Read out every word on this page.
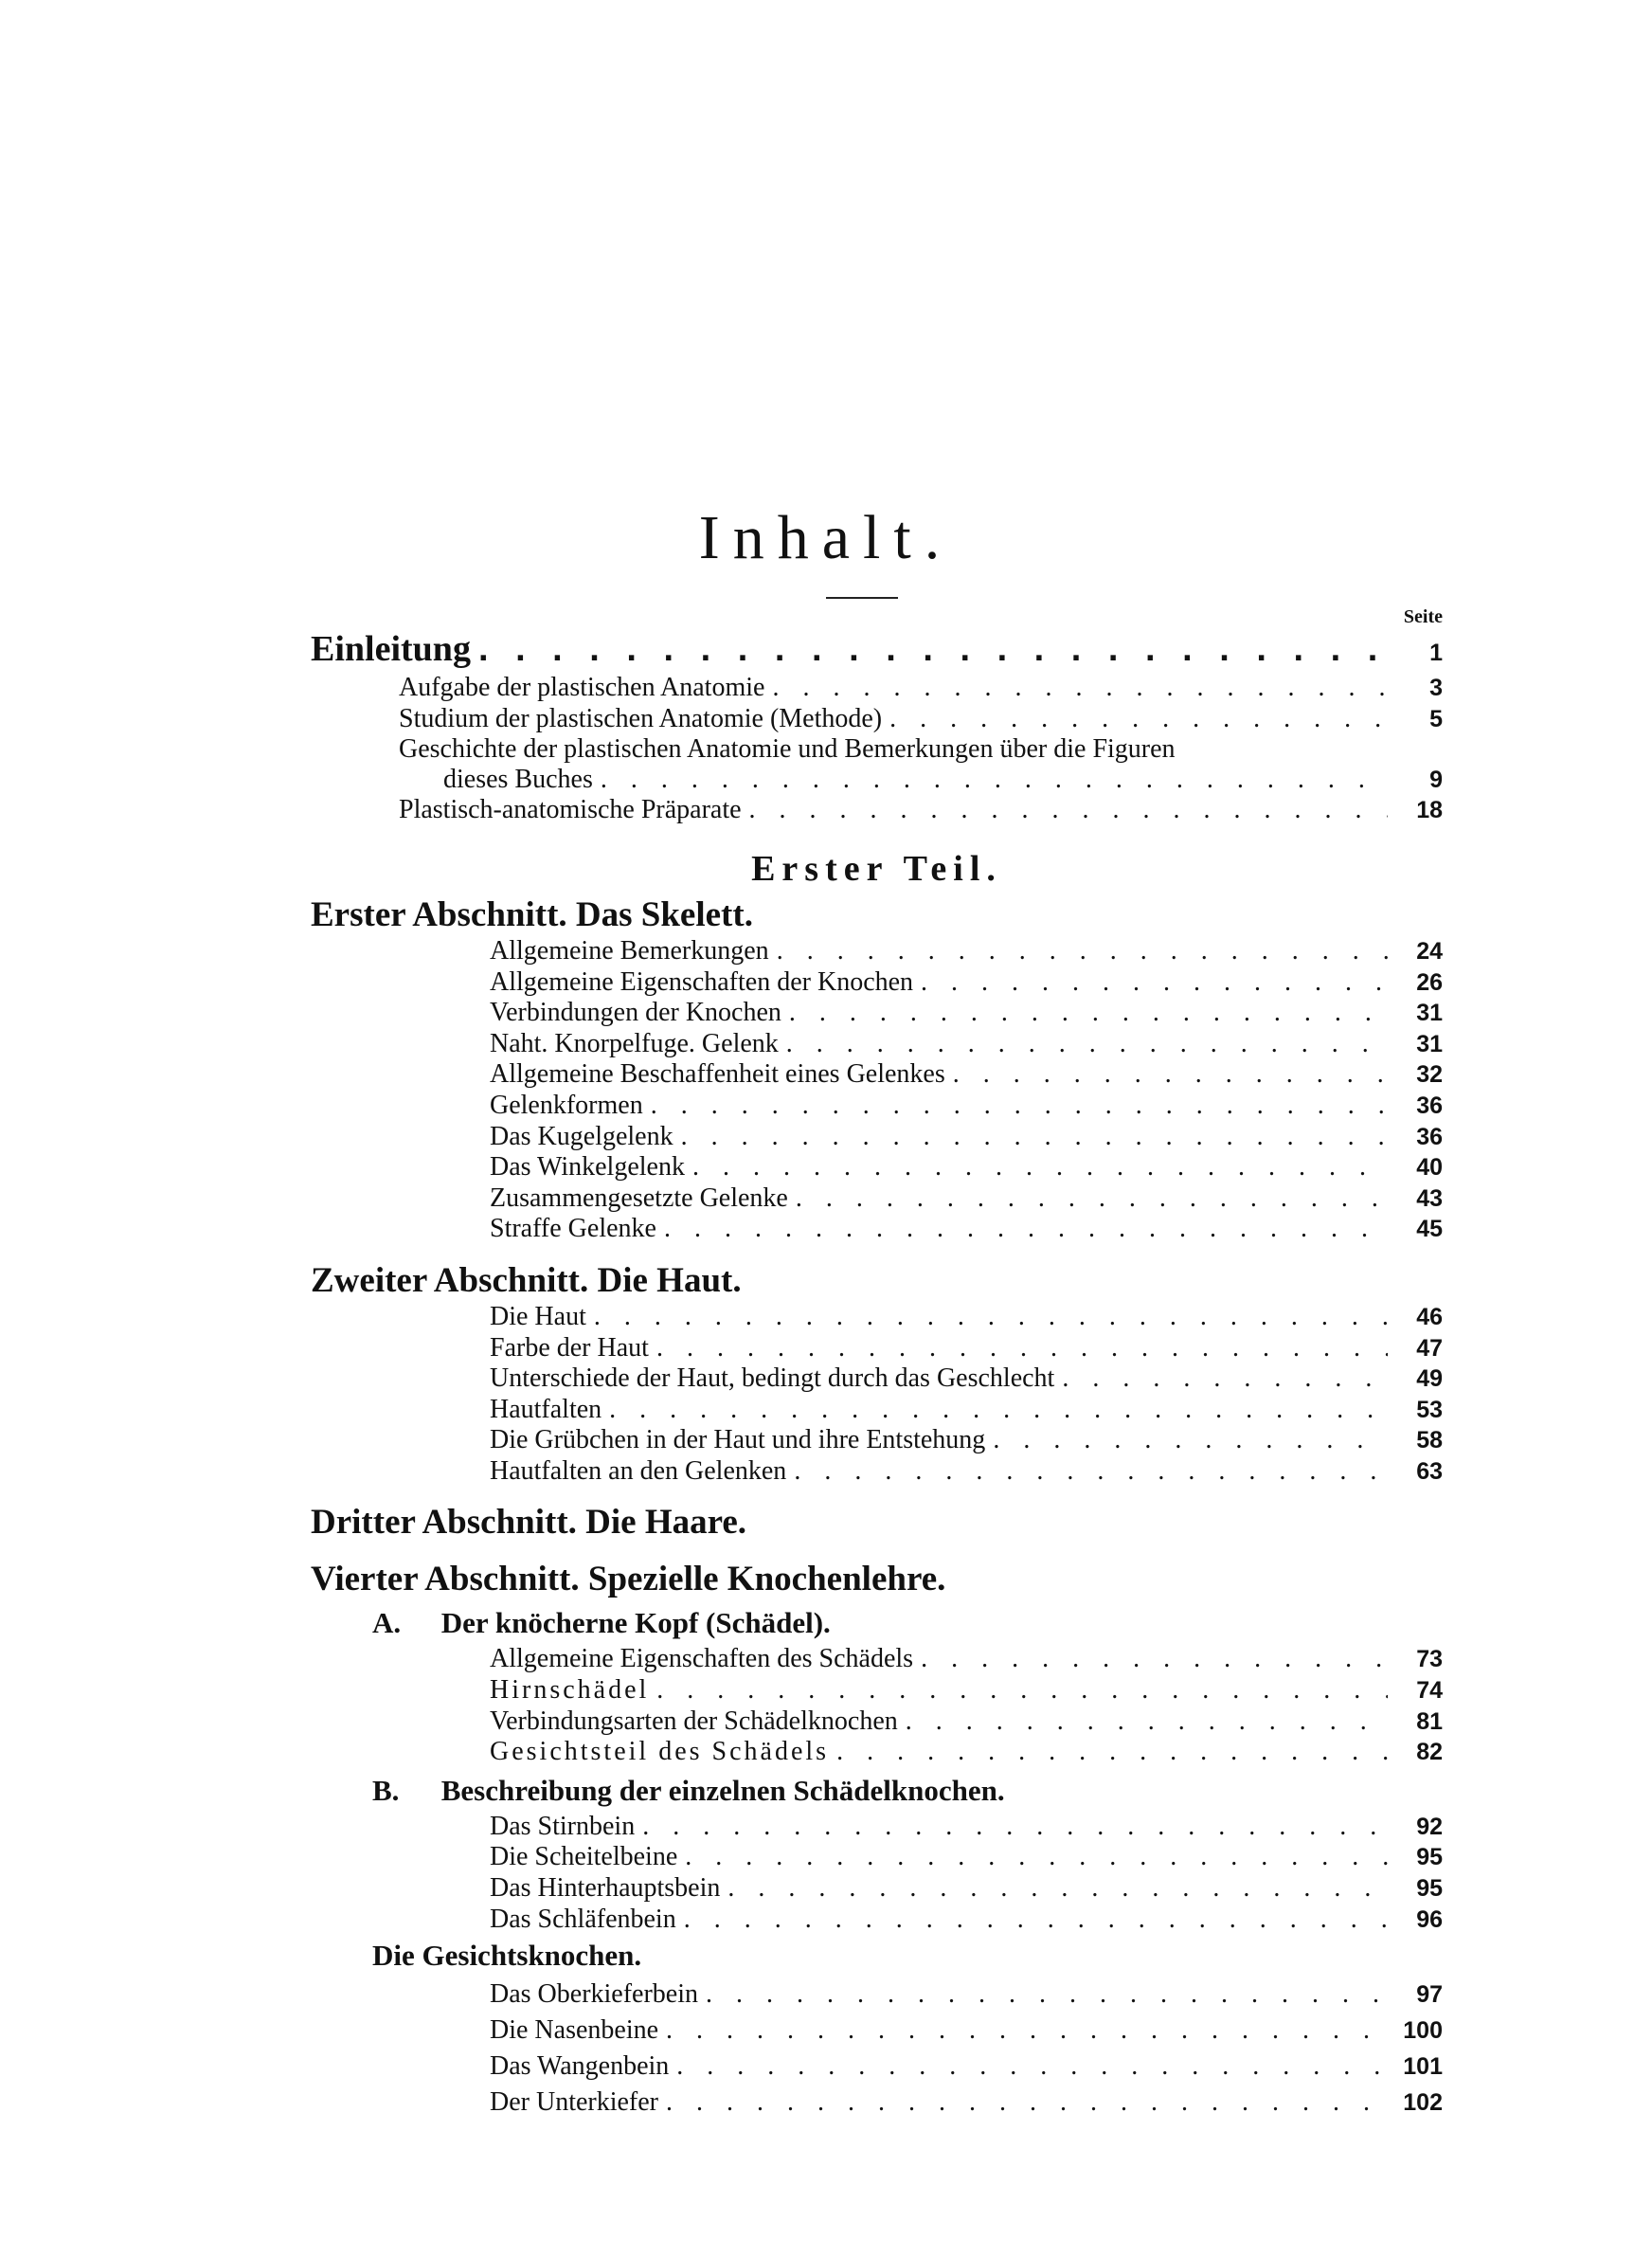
Inhalt.
Seite
Einleitung . . .	1
Aufgabe der plastischen Anatomie . . .	3
Studium der plastischen Anatomie (Methode) . . .	5
Geschichte der plastischen Anatomie und Bemerkungen über die Figuren
dieses Buches . . .	9
Plastisch-anatomische Präparate . . .	18
Erster Teil.
Erster Abschnitt. Das Skelett.
Allgemeine Bemerkungen . . .	24
Allgemeine Eigenschaften der Knochen . . .	26
Verbindungen der Knochen . . .	31
Naht. Knorpelfuge. Gelenk . . .	31
Allgemeine Beschaffenheit eines Gelenkes . . .	32
Gelenkformen . . .	36
Das Kugelgelenk . . .	36
Das Winkelgelenk . . .	40
Zusammengesetzte Gelenke . . .	43
Straffe Gelenke . . .	45
Zweiter Abschnitt. Die Haut.
Die Haut . . .	46
Farbe der Haut . . .	47
Unterschiede der Haut, bedingt durch das Geschlecht . . .	49
Hautfalten . . .	53
Die Grübchen in der Haut und ihre Entstehung . . .	58
Hautfalten an den Gelenken . . .	63
Dritter Abschnitt. Die Haare.
Vierter Abschnitt. Spezielle Knochenlehre.
A. Der knöcherne Kopf (Schädel).
Allgemeine Eigenschaften des Schädels . . .	73
Hirnschädel . . .	74
Verbindungsarten der Schädelknochen . . .	81
Gesichtsteil des Schädels . . .	82
B. Beschreibung der einzelnen Schädelknochen.
Das Stirnbein . . .	92
Die Scheitelbeine . . .	95
Das Hinterhauptsbein . . .	95
Das Schläfenbein . . .	96
Die Gesichtsknochen.
Das Oberkieferbein . . .	97
Die Nasenbeine . . .	100
Das Wangenbein . . .	101
Der Unterkiefer . . .	102
